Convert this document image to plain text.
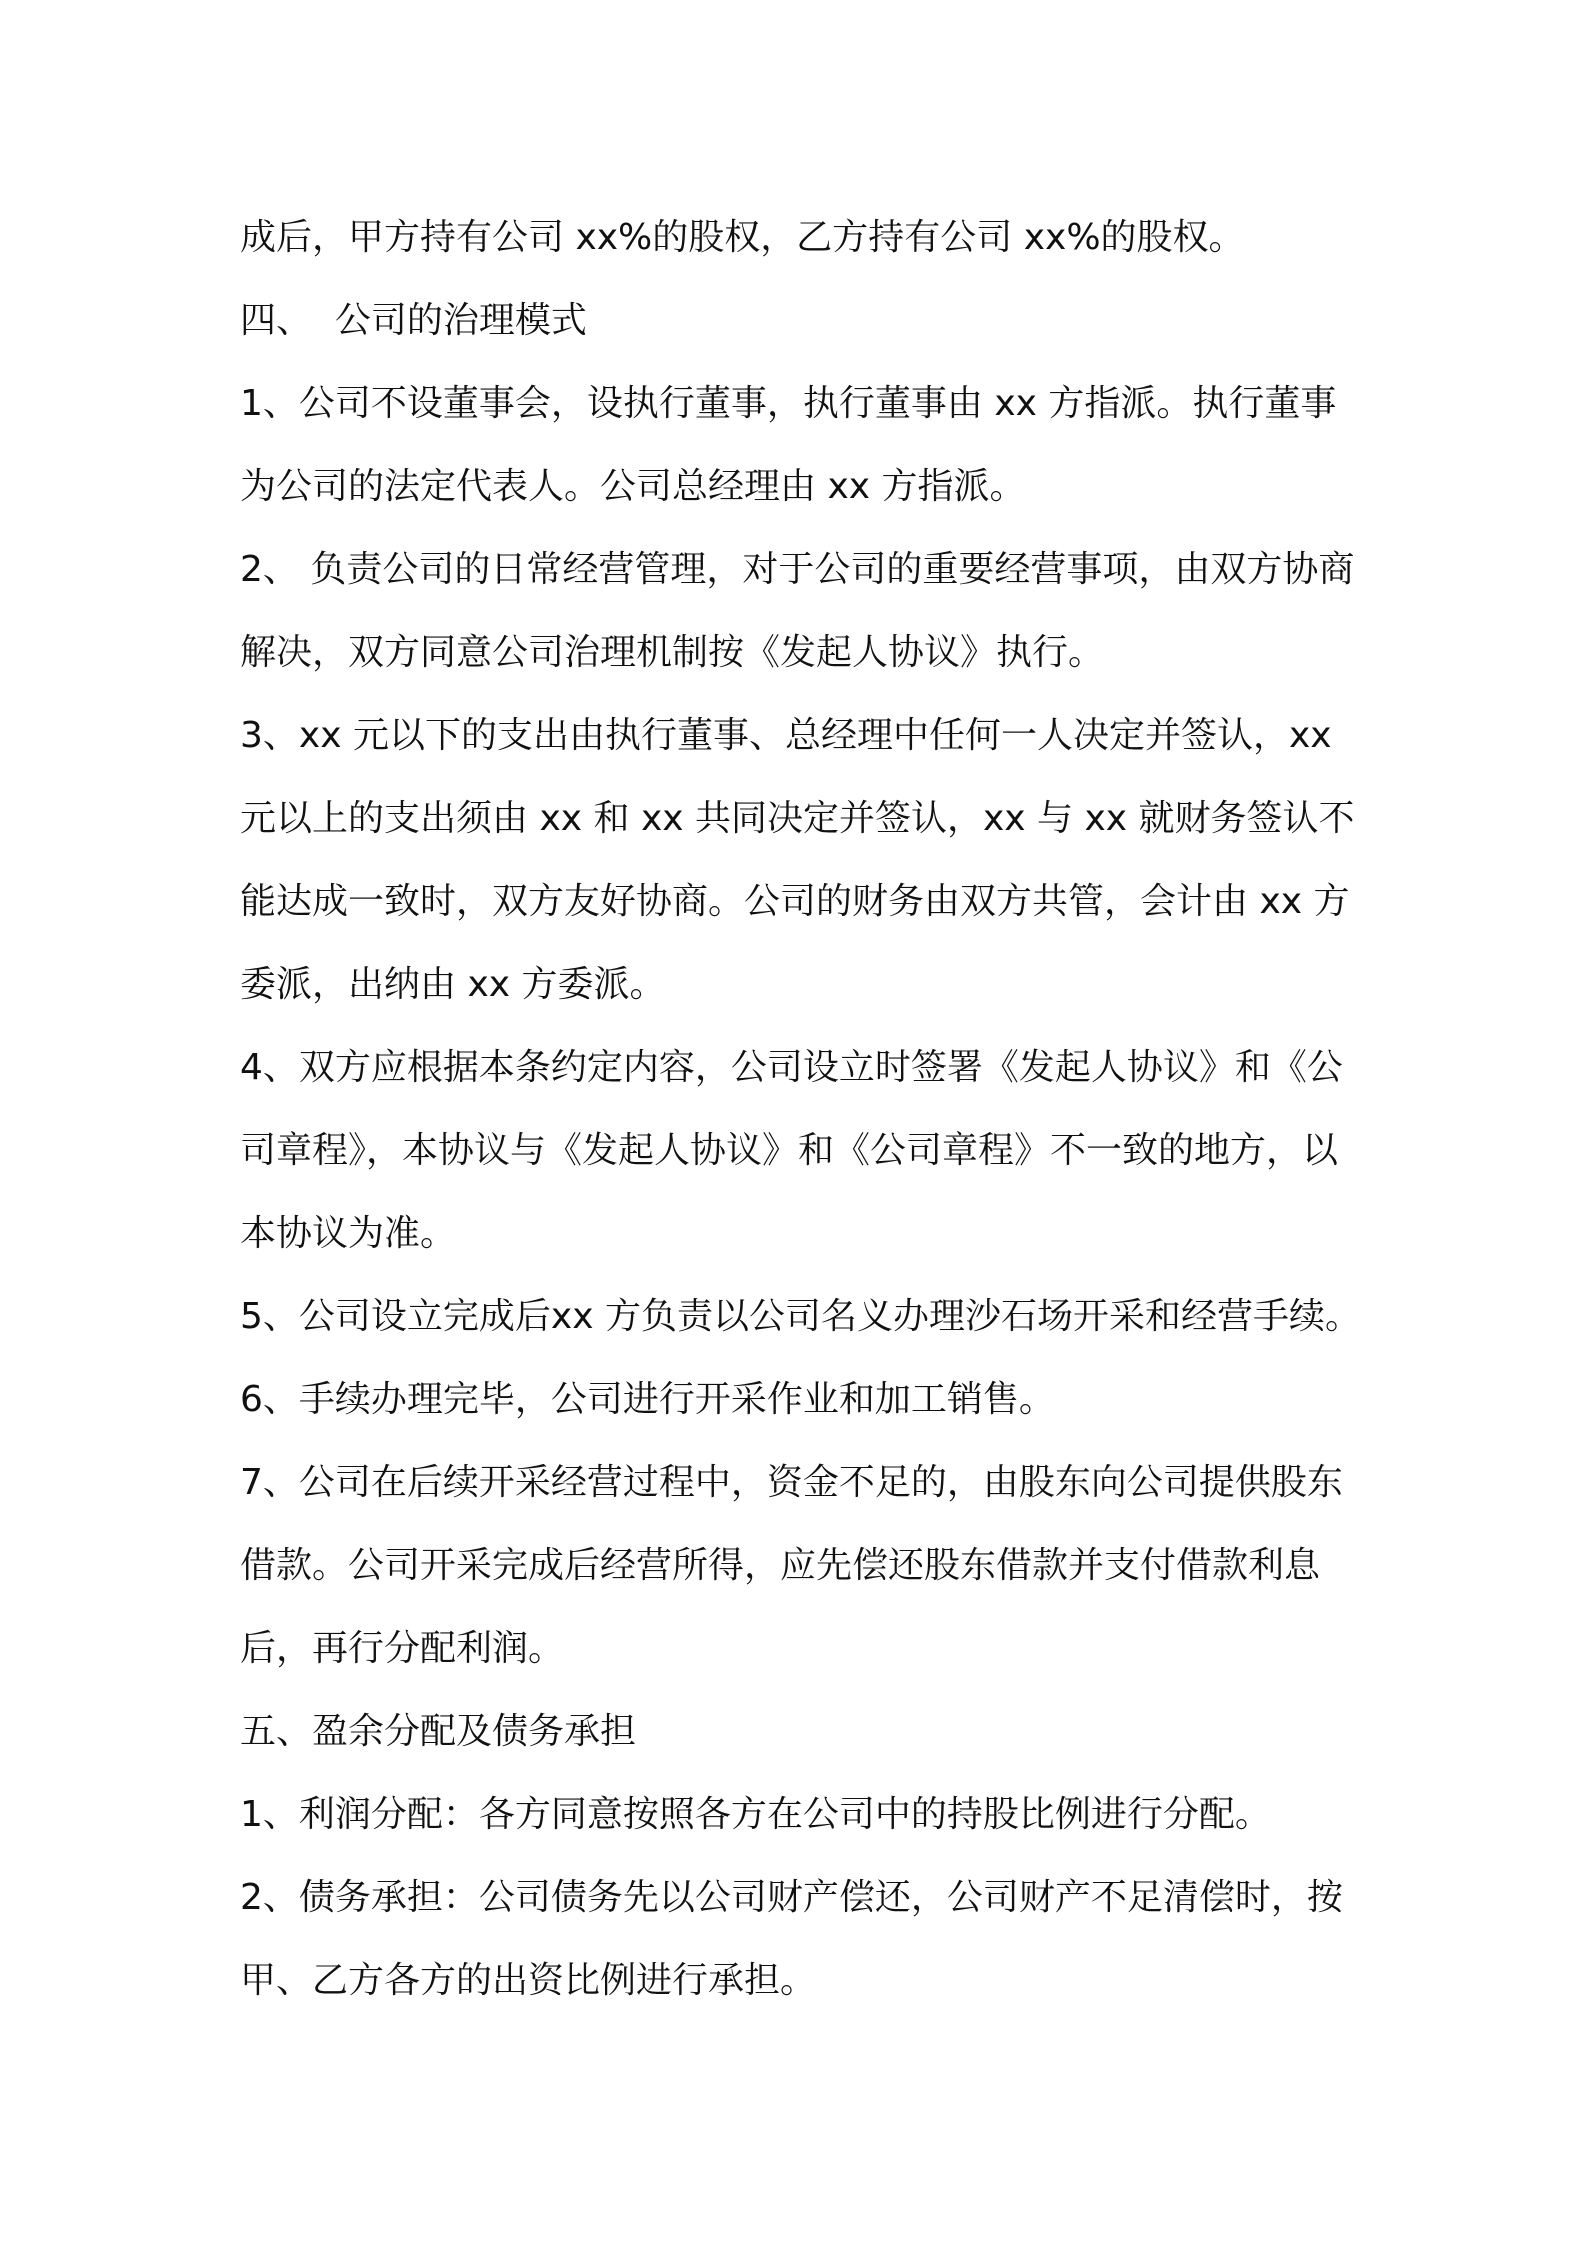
成后，甲方持有公司 xx%的股权，乙方持有公司 xx%的股权。

四、  公司的治理模式

1、公司不设董事会，设执行董事，执行董事由 xx 方指派。执行董事为公司的法定代表人。公司总经理由 xx 方指派。

2、 负责公司的日常经营管理，对于公司的重要经营事项，由双方协商解决，双方同意公司治理机制按《发起人协议》执行。

3、xx 元以下的支出由执行董事、总经理中任何一人决定并签认，xx 元以上的支出须由 xx 和 xx 共同决定并签认，xx 与 xx 就财务签认不能达成一致时，双方友好协商。公司的财务由双方共管，会计由 xx 方委派，出纳由 xx 方委派。

4、双方应根据本条约定内容，公司设立时签署《发起人协议》和《公司章程》，本协议与《发起人协议》和《公司章程》不一致的地方，以本协议为准。

5、公司设立完成后xx 方负责以公司名义办理沙石场开采和经营手续。

6、手续办理完毕，公司进行开采作业和加工销售。

7、公司在后续开采经营过程中，资金不足的，由股东向公司提供股东借款。公司开采完成后经营所得，应先偿还股东借款并支付借款利息后，再行分配利润。

五、盈余分配及债务承担

1、利润分配：各方同意按照各方在公司中的持股比例进行分配。

2、债务承担：公司债务先以公司财产偿还，公司财产不足清偿时，按甲、乙方各方的出资比例进行承担。
